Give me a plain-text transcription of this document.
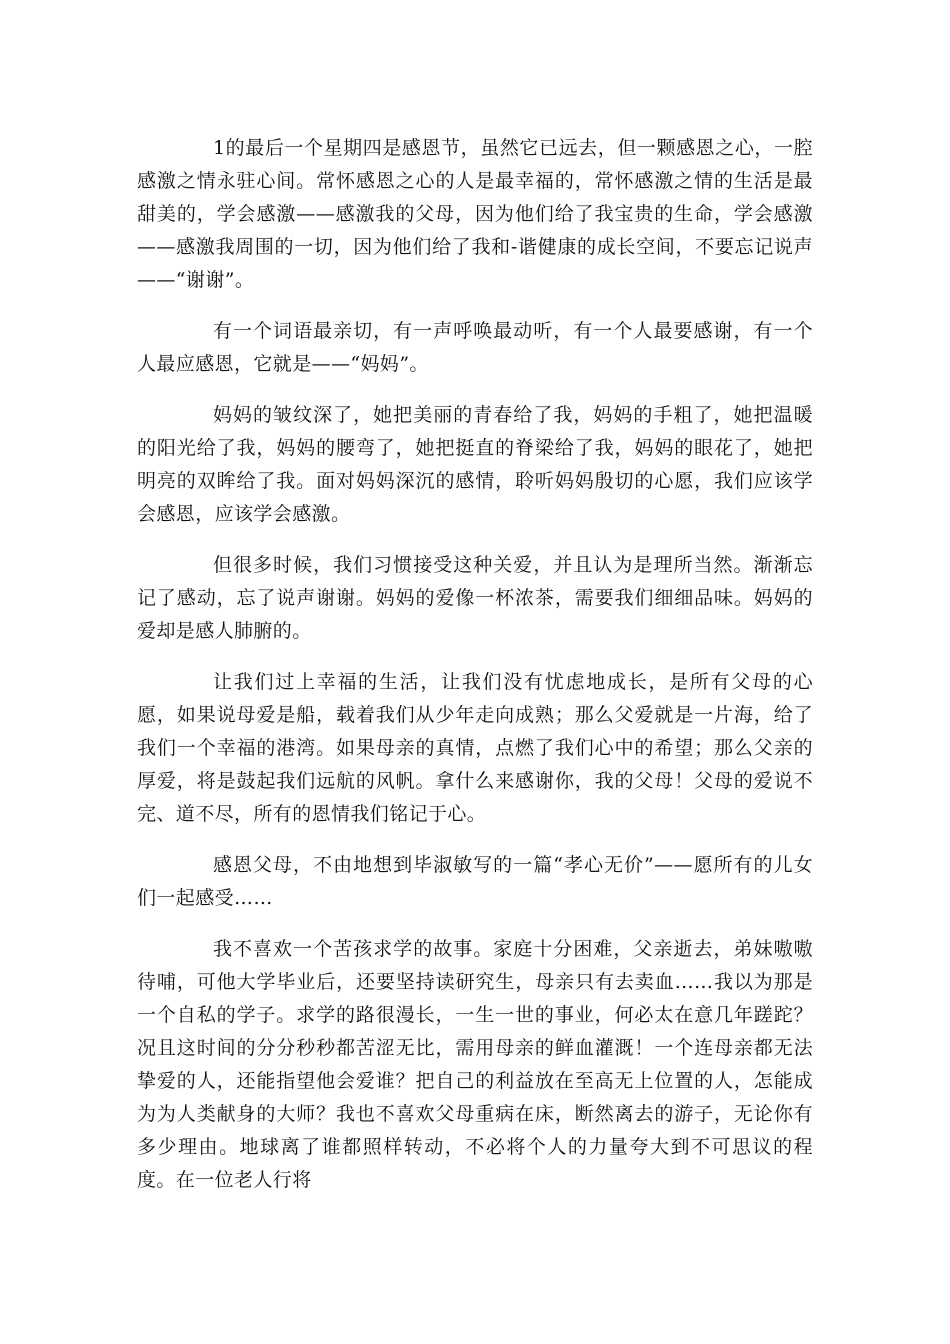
1的最后一个星期四是感恩节，虽然它已远去，但一颗感恩之心，一腔感激之情永驻心间。常怀感恩之心的人是最幸福的，常怀感激之情的生活是最甜美的，学会感激——感激我的父母，因为他们给了我宝贵的生命，学会感激——感激我周围的一切，因为他们给了我和-谐健康的成长空间，不要忘记说声——“谢谢”。

有一个词语最亲切，有一声呼唤最动听，有一个人最要感谢，有一个人最应感恩，它就是——“妈妈”。

妈妈的皱纹深了，她把美丽的青春给了我，妈妈的手粗了，她把温暖的阳光给了我，妈妈的腰弯了，她把挺直的脊梁给了我，妈妈的眼花了，她把明亮的双眸给了我。面对妈妈深沉的感情，聆听妈妈殷切的心愿，我们应该学会感恩，应该学会感激。

但很多时候，我们习惯接受这种关爱，并且认为是理所当然。渐渐忘记了感动，忘了说声谢谢。妈妈的爱像一杯浓茶，需要我们细细品味。妈妈的爱却是感人肺腑的。

让我们过上幸福的生活，让我们没有忧虑地成长，是所有父母的心愿，如果说母爱是船，载着我们从少年走向成熟；那么父爱就是一片海，给了我们一个幸福的港湾。如果母亲的真情，点燃了我们心中的希望；那么父亲的厚爱，将是鼓起我们远航的风帆。拿什么来感谢你，我的父母！父母的爱说不完、道不尽，所有的恩情我们铭记于心。

感恩父母，不由地想到毕淑敏写的一篇“孝心无价”——愿所有的儿女们一起感受……

我不喜欢一个苦孩求学的故事。家庭十分困难，父亲逝去，弟妹嗷嗷待哺，可他大学毕业后，还要坚持读研究生，母亲只有去卖血……我以为那是一个自私的学子。求学的路很漫长，一生一世的事业，何必太在意几年蹉跎？况且这时间的分分秒秒都苦涩无比，需用母亲的鲜血灌溉！一个连母亲都无法挚爱的人，还能指望他会爱谁？把自己的利益放在至高无上位置的人，怎能成为为人类献身的大师？我也不喜欢父母重病在床，断然离去的游子，无论你有多少理由。地球离了谁都照样转动，不必将个人的力量夸大到不可思议的程度。在一位老人行将
